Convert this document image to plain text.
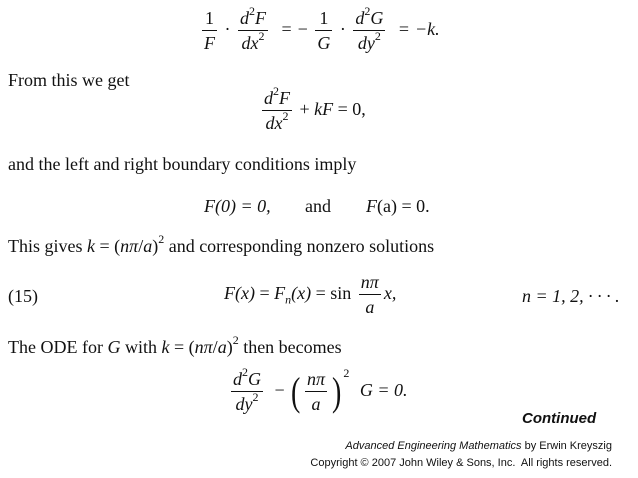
$\frac{1}{F} \cdot \frac{d^2F}{dx^2}$ = − $\frac{1}{G} \cdot \frac{d^2G}{dy^2} = -k$.
From this we get
$\frac{d^2F}{dx^2}$ + kF = 0,
and the left and right boundary conditions imply
F(0) = 0, and F(a) = 0.
This gives $k = (n\pi/a)^2$ and corresponding nonzero solutions
(15)	$F(x) = F_n(x) = \sin \frac{n\pi}{a} x$,	n = 1, 2, · · · .
The ODE for G with $k = (n\pi/a)^2$ then becomes
$\frac{d^2G}{dy^2}$ − ( $\frac{n\pi}{a}$ ) $^2$ G = 0.
Continued
Advanced Engineering Mathematics by Erwin Kreyszig
Copyright © 2007 John Wiley & Sons, Inc.  All rights reserved.
